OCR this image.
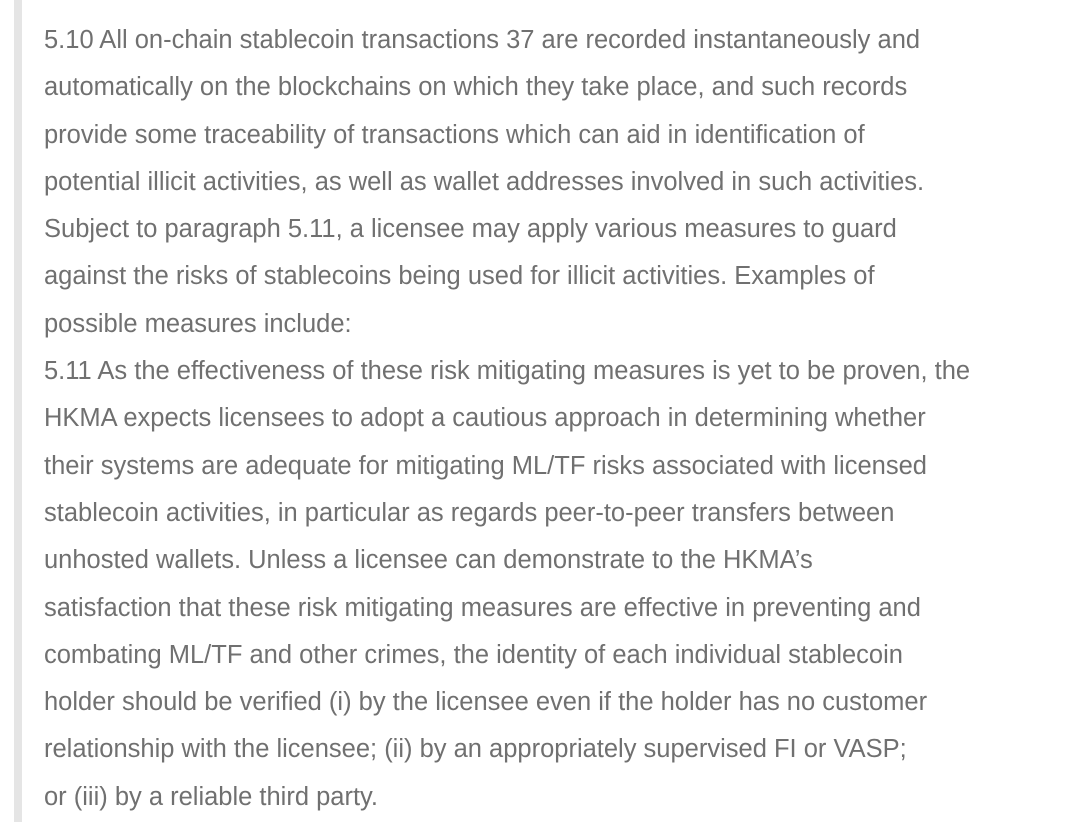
5.10 All on-chain stablecoin transactions 37 are recorded instantaneously and
automatically on the blockchains on which they take place, and such records
provide some traceability of transactions which can aid in identification of
potential illicit activities, as well as wallet addresses involved in such activities.
Subject to paragraph 5.11, a licensee may apply various measures to guard
against the risks of stablecoins being used for illicit activities. Examples of
possible measures include:
5.11 As the effectiveness of these risk mitigating measures is yet to be proven, the
HKMA expects licensees to adopt a cautious approach in determining whether
their systems are adequate for mitigating ML/TF risks associated with licensed
stablecoin activities, in particular as regards peer-to-peer transfers between
unhosted wallets. Unless a licensee can demonstrate to the HKMA’s
satisfaction that these risk mitigating measures are effective in preventing and
combating ML/TF and other crimes, the identity of each individual stablecoin
holder should be verified (i) by the licensee even if the holder has no customer
relationship with the licensee; (ii) by an appropriately supervised FI or VASP;
or (iii) by a reliable third party.
